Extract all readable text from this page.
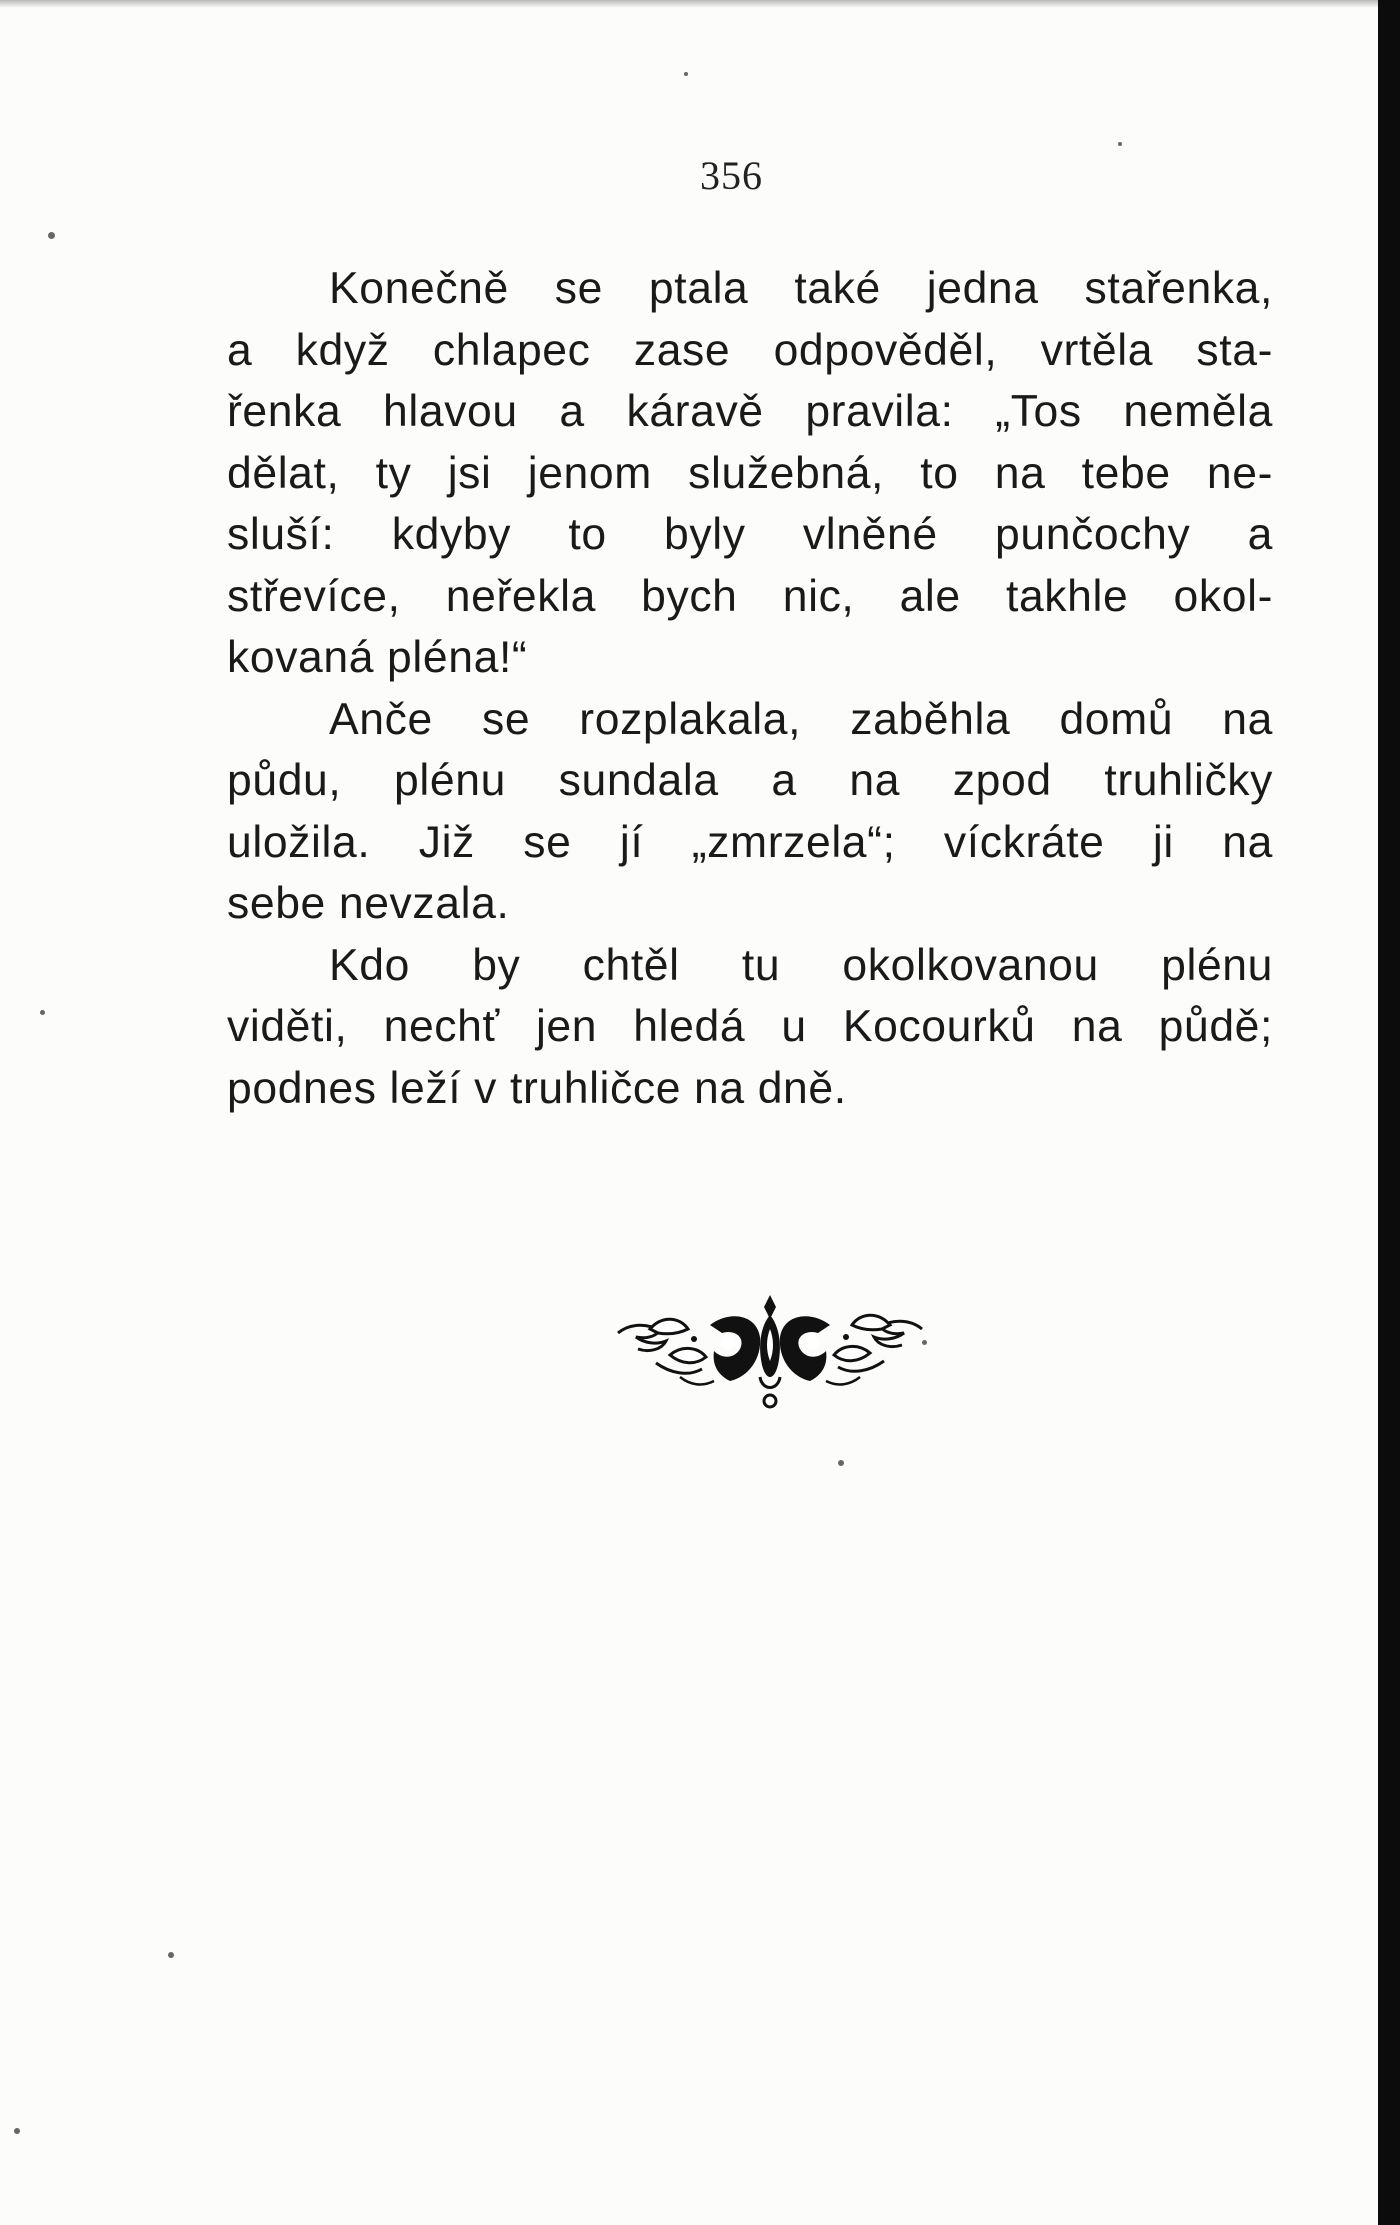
356
Konečně se ptala také jedna stařenka,
a když chlapec zase odpověděl, vrtěla sta-
řenka hlavou a káravě pravila: „Tos neměla
dělat, ty jsi jenom služebná, to na tebe ne-
sluší: kdyby to byly vlněné punčochy a
střevíce, neřekla bych nic, ale takhle okol-
kovaná pléna!“
Anče se rozplakala, zaběhla domů na
půdu, plénu sundala a na zpod truhličky
uložila. Již se jí „zmrzela“; víckráte ji na
sebe nevzala.
Kdo by chtěl tu okolkovanou plénu
viděti, nechť jen hledá u Kocourků na půdě;
podnes leží v truhličce na dně.
